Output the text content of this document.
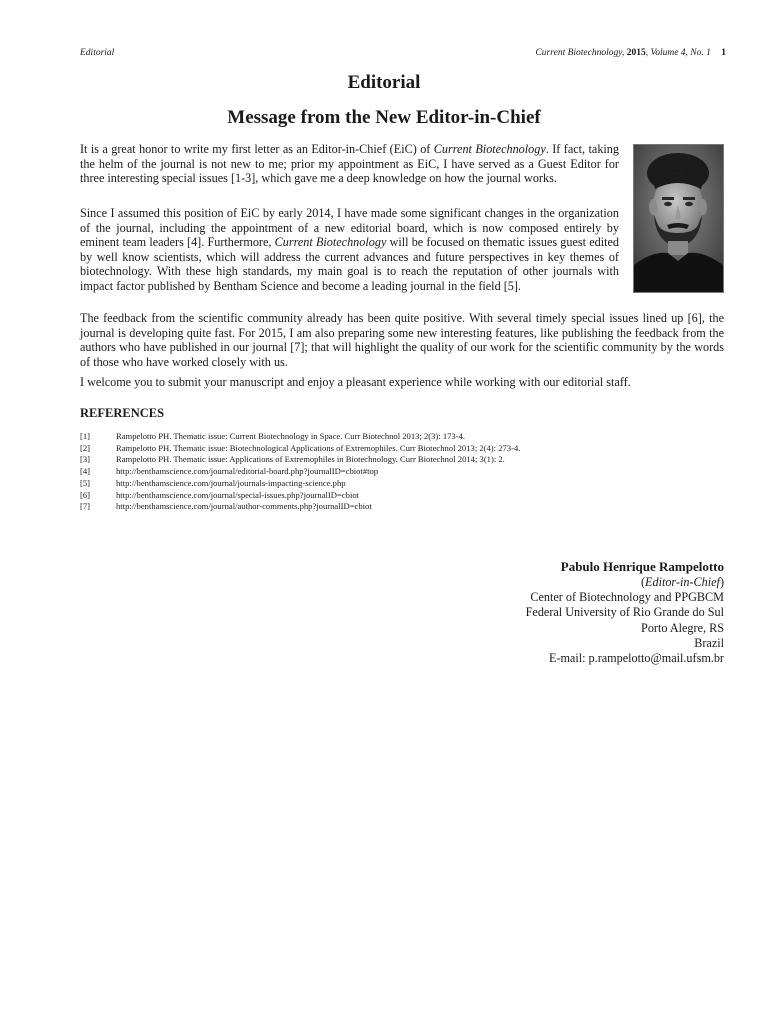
Editorial	Current Biotechnology, 2015, Volume 4, No. 1 1
Editorial
Message from the New Editor-in-Chief

It is a great honor to write my first letter as an Editor-in-Chief (EiC) of Current Biotechnology. If fact, taking the helm of the journal is not new to me; prior my appointment as EiC, I have served as a Guest Editor for three interesting special issues [1-3], which gave me a deep knowledge on how the journal works.

Since I assumed this position of EiC by early 2014, I have made some significant changes in the organization of the journal, including the appointment of a new editorial board, which is now composed entirely by eminent team leaders [4]. Furthermore, Current Biotechnology will be focused on thematic issues guest edited by well know scientists, which will address the current advances and future perspectives in key themes of biotechnology. With these high standards, my main goal is to reach the reputation of other journals with impact factor published by Bentham Science and become a leading journal in the field [5].

The feedback from the scientific community already has been quite positive. With several timely special issues lined up [6], the journal is developing quite fast. For 2015, I am also preparing some new interesting features, like publishing the feedback from the authors who have published in our journal [7]; that will highlight the quality of our work for the scientific community by the words of those who have worked closely with us.

I welcome you to submit your manuscript and enjoy a pleasant experience while working with our editorial staff.

REFERENCES
[1]	Rampelotto PH. Thematic issue: Current Biotechnology in Space. Curr Biotechnol 2013; 2(3): 173-4.
[2]	Rampelotto PH. Thematic issue: Biotechnological Applications of Extremophiles. Curr Biotechnol 2013; 2(4): 273-4.
[3]	Rampelotto PH. Thematic issue: Applications of Extremophiles in Biotechnology. Curr Biotechnol 2014; 3(1): 2.
[4]	http://benthamscience.com/journal/editorial-board.php?journalID=cbiot#top
[5]	http://benthamscience.com/journal/journals-impacting-science.php
[6]	http://benthamscience.com/journal/special-issues.php?journalID=cbiot
[7]	http://benthamscience.com/journal/author-comments.php?journalID=cbiot
Pabulo Henrique Rampelotto
(Editor-in-Chief)
Center of Biotechnology and PPGBCM
Federal University of Rio Grande do Sul
Porto Alegre, RS
Brazil
E-mail: p.rampelotto@mail.ufsm.br
